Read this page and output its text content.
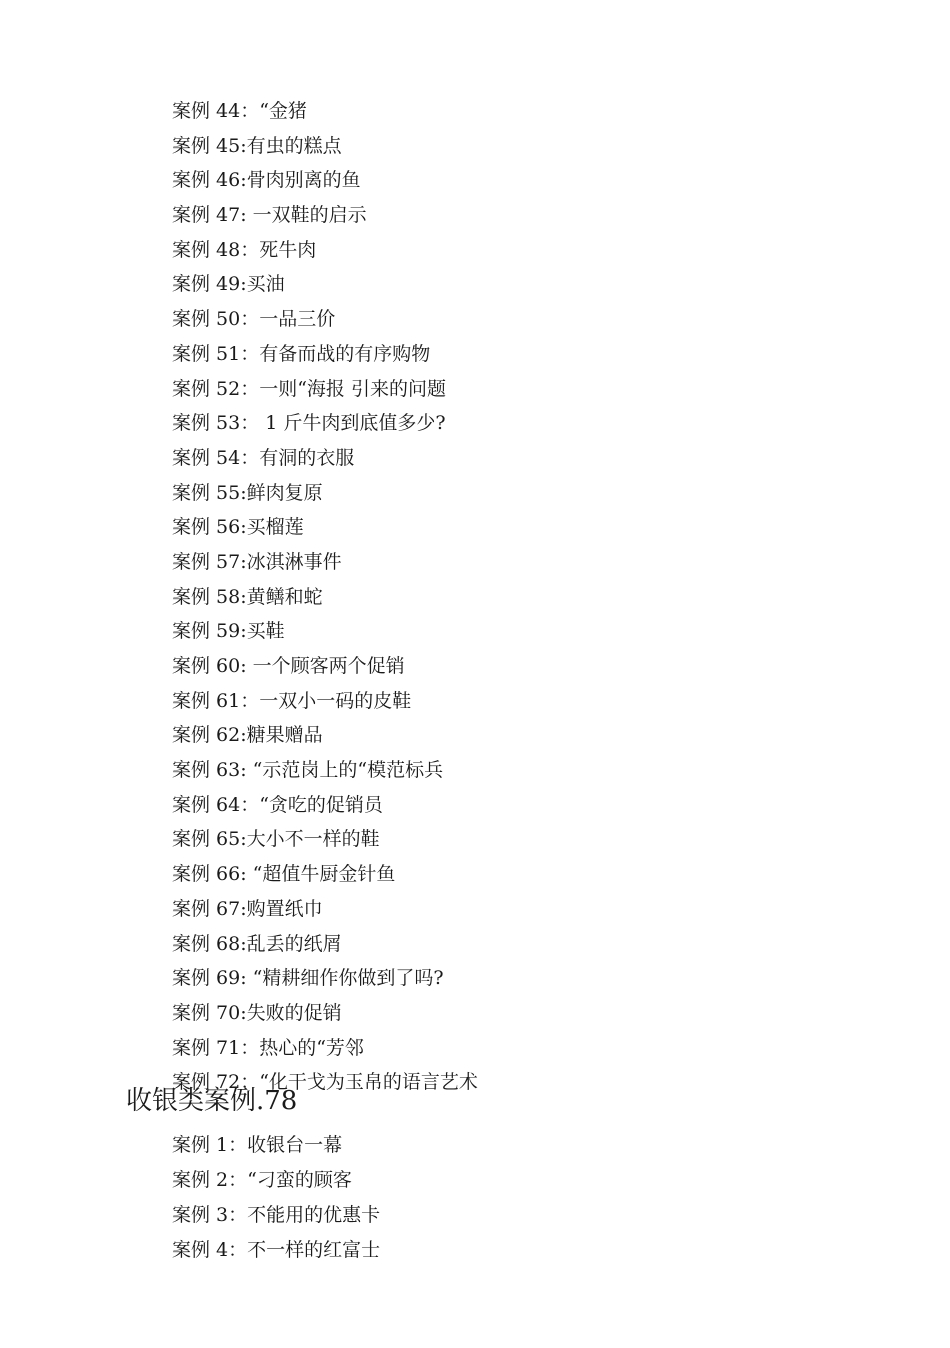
案例 44：“金猪
案例 45:有虫的糕点
案例 46:骨肉别离的鱼
案例 47: 一双鞋的启示
案例 48：死牛肉
案例 49:买油
案例 50：一品三价
案例 51：有备而战的有序购物
案例 52：一则“海报 引来的问题
案例 53： 1 斤牛肉到底值多少?
案例 54：有洞的衣服
案例 55:鲜肉复原
案例 56:买榴莲
案例 57:冰淇淋事件
案例 58:黄鳝和蛇
案例 59:买鞋
案例 60: 一个顾客两个促销
案例 61：一双小一码的皮鞋
案例 62:糖果赠品
案例 63: “示范岗上的“模范标兵
案例 64：“贪吃的促销员
案例 65:大小不一样的鞋
案例 66: “超值牛厨金针鱼
案例 67:购置纸巾
案例 68:乱丢的纸屑
案例 69: “精耕细作你做到了吗?
案例 70:失败的促销
案例 71：热心的“芳邻
案例 72：“化干戈为玉帛的语言艺术
收银类案例.78
案例 1：收银台一幕
案例 2：“刁蛮的顾客
案例 3：不能用的优惠卡
案例 4：不一样的红富士
